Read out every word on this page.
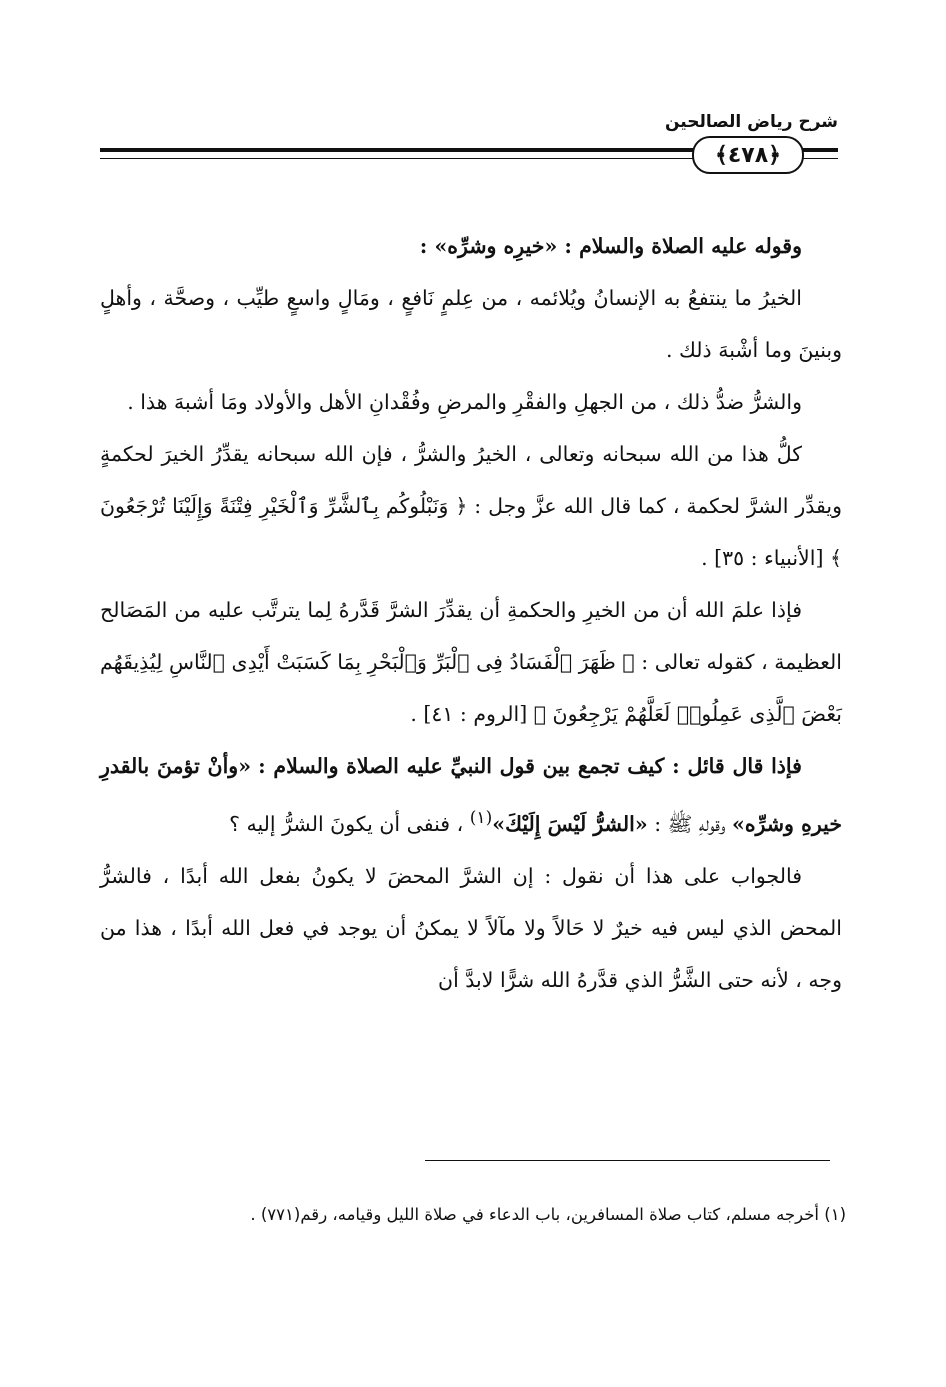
شرح رياض الصالحين
﴾٤٧٨﴿

وقوله عليه الصلاة والسلام : «خيرِه وشرِّه» :

الخيرُ ما ينتفعُ به الإنسانُ ويُلائمه ، من عِلمٍ نَافعٍ ، ومَالٍ واسعٍ طيِّب ، وصحَّة ، وأهلٍ وبنينَ وما أشْبهَ ذلك .

والشرُّ ضدُّ ذلك ، من الجهلِ والفقْرِ والمرضِ وفُقْدانِ الأهل والأولاد ومَا أشبهَ هذا .

كلُّ هذا من الله سبحانه وتعالى ، الخيرُ والشرُّ ، فإن الله سبحانه يقدِّرُ الخيرَ لحكمةٍ ويقدِّر الشرَّ لحكمة ، كما قال الله عزَّ وجل : ﴿ وَنَبْلُوكُم بِٱلشَّرِّ وَٱلْخَيْرِ فِتْنَةً وَإِلَيْنَا تُرْجَعُونَ ﴾ [الأنبياء : ٣٥] .

فإذا علمَ الله أن من الخيرِ والحكمةِ أن يقدِّرَ الشرَّ قَدَّرهُ لِما يترتَّب عليه من المَصَالح العظيمة ، كقوله تعالى : ﴿ ظَهَرَ ٱلْفَسَادُ فِى ٱلْبَرِّ وَٱلْبَحْرِ بِمَا كَسَبَتْ أَيْدِى ٱلنَّاسِ لِيُذِيقَهُم بَعْضَ ٱلَّذِى عَمِلُوا۟ لَعَلَّهُمْ يَرْجِعُونَ ﴾ [الروم : ٤١] .

فإذا قال قائل : كيف تجمع بين قول النبيِّ عليه الصلاة والسلام : «وأنْ تؤمنَ بالقدرِ خيرهِ وشرِّه» وقولهِ ﷺ : «الشرُّ لَيْسَ إِلَيْكَ»$^{(١)}$ ، فنفى أن يكونَ الشرُّ إليه ؟

فالجواب على هذا أن نقول : إن الشرَّ المحضَ لا يكونُ بفعل الله أبدًا ، فالشرُّ المحض الذي ليس فيه خيرٌ لا حَالاً ولا مآلاً لا يمكنُ أن يوجد في فعل الله أبدًا ، هذا من وجه ، لأنه حتى الشَّرُّ الذي قدَّرهُ الله شرًّا لابدَّ أن

(١) أخرجه مسلم، كتاب صلاة المسافرين، باب الدعاء في صلاة الليل وقيامه، رقم(٧٧١) .
